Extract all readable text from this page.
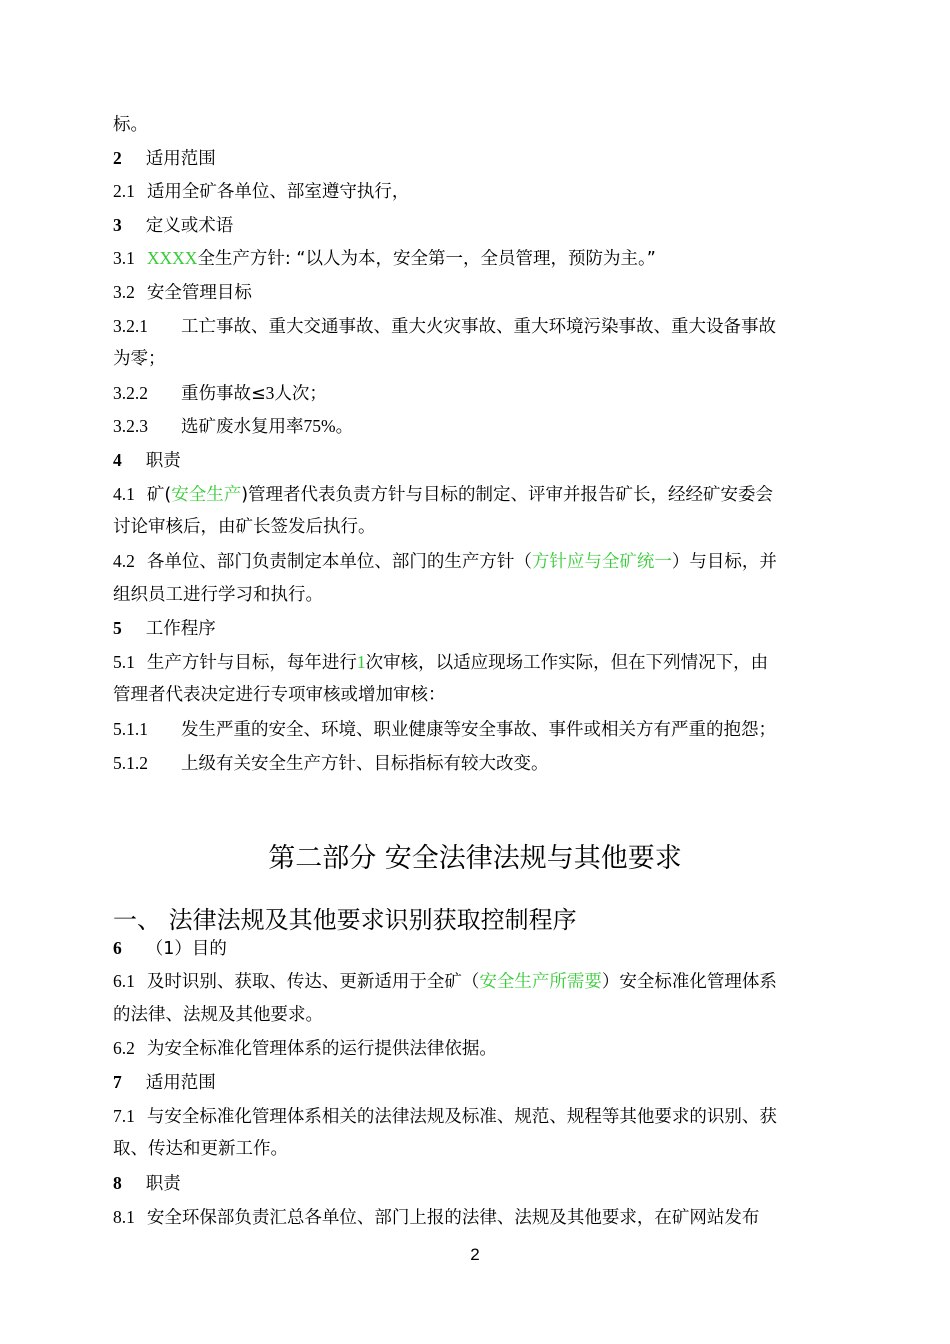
标。
2 适用范围
2.1 适用全矿各单位、部室遵守执行，
3 定义或术语
3.1 XXXX全生产方针: “以人为本，安全第一，全员管理，预防为主。”
3.2 安全管理目标
3.2.1 工亡事故、重大交通事故、重大火灾事故、重大环境污染事故、重大设备事故
为零；
3.2.2 重伤事故≤3人次；
3.2.3 选矿废水复用率75%。
4 职责
4.1 矿(安全生产)管理者代表负责方针与目标的制定、评审并报告矿长，经经矿安委会
讨论审核后，由矿长签发后执行。
4.2 各单位、部门负责制定本单位、部门的生产方针（方针应与全矿统一）与目标，并
组织员工进行学习和执行。
5 工作程序
5.1 生产方针与目标，每年进行1次审核，以适应现场工作实际，但在下列情况下，由
管理者代表决定进行专项审核或增加审核：
5.1.1 发生严重的安全、环境、职业健康等安全事故、事件或相关方有严重的抱怨；
5.1.2 上级有关安全生产方针、目标指标有较大改变。
第二部分 安全法律法规与其他要求
一、 法律法规及其他要求识别获取控制程序
6 （1）目的
6.1 及时识别、获取、传达、更新适用于全矿（安全生产所需要）安全标准化管理体系
的法律、法规及其他要求。
6.2 为安全标准化管理体系的运行提供法律依据。
7 适用范围
7.1 与安全标准化管理体系相关的法律法规及标准、规范、规程等其他要求的识别、获
取、传达和更新工作。
8 职责
8.1 安全环保部负责汇总各单位、部门上报的法律、法规及其他要求，在矿网站发布
2
